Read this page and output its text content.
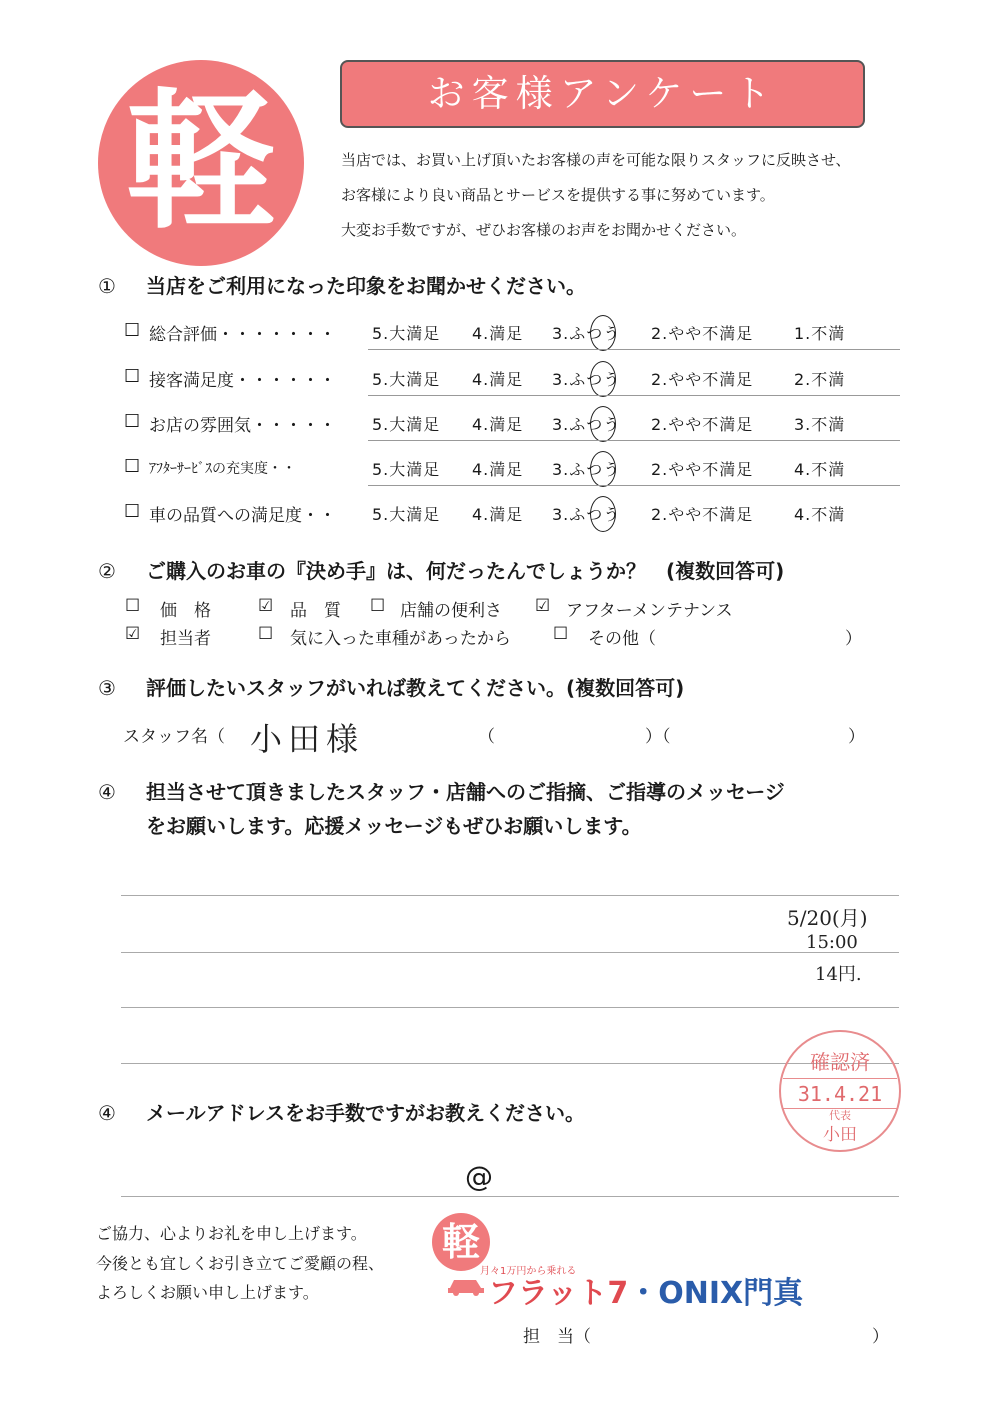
軽	お客様アンケート
当店では、お買い上げ頂いたお客様の声を可能な限りスタッフに反映させ、
お客様により良い商品とサービスを提供する事に努めています。
大変お手数ですが、ぜひお客様のお声をお聞かせください。
① 当店をご利用になった印象をお聞かせください。
☐ 総合評価・・・・・・・ 5.大満足 4.満足 3.ふつう 2.やや不満足	1.不満
☐ 接客満足度・・・・・・ 5.大満足 4.満足 3.ふつう 2.やや不満足	2.不満
☐ お店の雰囲気・・・・・ 5.大満足 4.満足 3.ふつう 2.やや不満足	3.不満
☐ ｱﾌﾀｰｻｰﾋﾞｽの充実度・・	5.大満足 4.満足 3.ふつう 2.やや不満足	4.不満
☐ 車の品質への満足度・・ 5.大満足 4.満足 3.ふつう 2.やや不満足	4.不満
② ご購入のお車の『決め手』は、何だったんでしょうか？　(複数回答可)
☐ 価　格	☑ 品　質 ☐ 店舗の便利さ ☑ アフターメンテナンス
☑ 担当者	☐ 気に入った車種があったから ☐ その他（	）
③ 評価したいスタッフがいれば教えてください。(複数回答可)
スタッフ名（ 小田様	（	）（	）
④ 担当させて頂きましたスタッフ・店舗へのご指摘、ご指導のメッセージ
をお願いします。応援メッセージもぜひお願いします。
5/20(月)
15:00
14円.
確認済
31.4.21
代表
小田
④ メールアドレスをお手数ですがお教えください。
@
ご協力、心よりお礼を申し上げます。
今後とも宜しくお引き立てご愛顧の程、
よろしくお願い申し上げます。
軽
月々1万円から乗れる
フラット7・ONIX門真
担　当（	）
